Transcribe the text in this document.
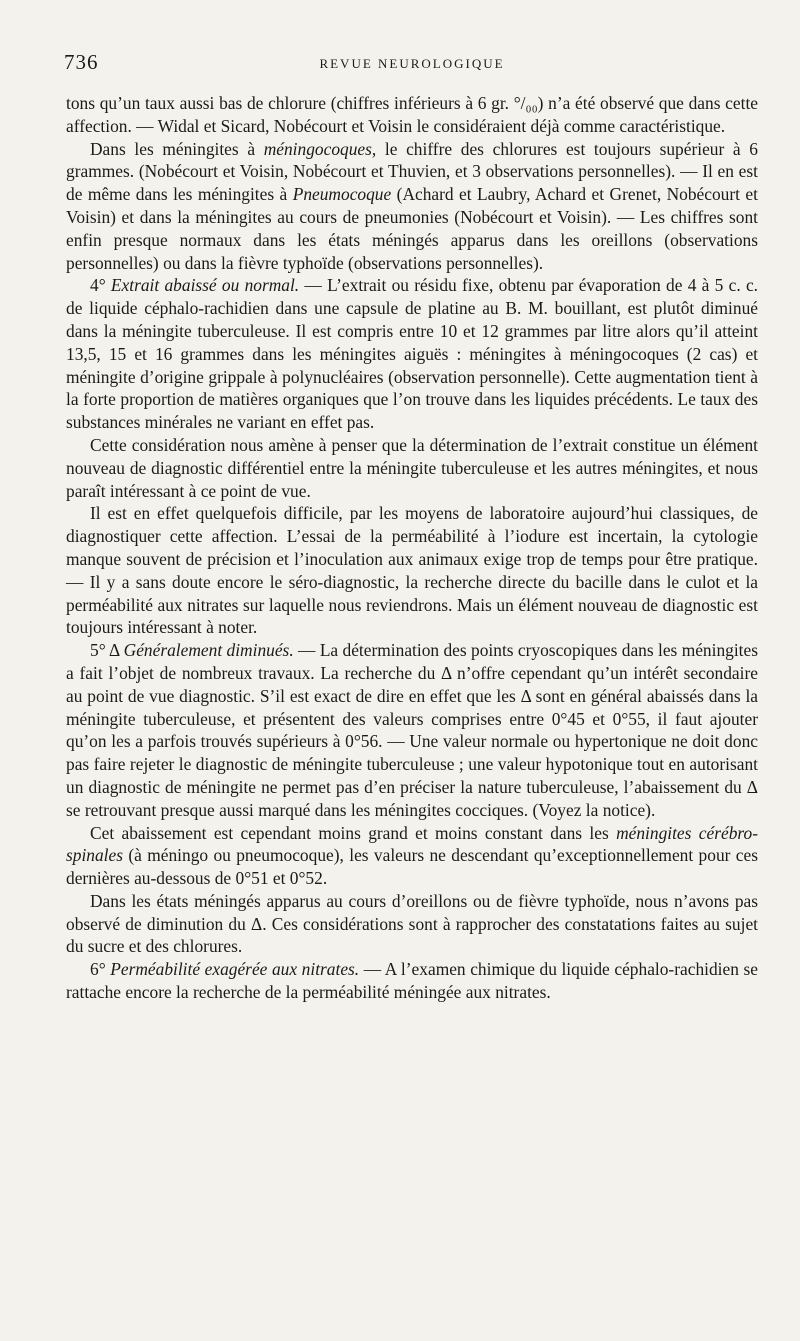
736	REVUE NEUROLOGIQUE

tons qu’un taux aussi bas de chlorure (chiffres inférieurs à 6 gr. °/₀₀) n’a été observé que dans cette affection. — Widal et Sicard, Nobécourt et Voisin le considéraient déjà comme caractéristique.

Dans les méningites à méningocoques, le chiffre des chlorures est toujours supérieur à 6 grammes. (Nobécourt et Voisin, Nobécourt et Thuvien, et 3 observations personnelles). — Il en est de même dans les méningites à Pneumocoque (Achard et Laubry, Achard et Grenet, Nobécourt et Voisin) et dans la méningites au cours de pneumonies (Nobécourt et Voisin). — Les chiffres sont enfin presque normaux dans les états méningés apparus dans les oreillons (observations personnelles) ou dans la fièvre typhoïde (observations personnelles).

4° Extrait abaissé ou normal. — L’extrait ou résidu fixe, obtenu par évaporation de 4 à 5 c. c. de liquide céphalo-rachidien dans une capsule de platine au B. M. bouillant, est plutôt diminué dans la méningite tuberculeuse. Il est compris entre 10 et 12 grammes par litre alors qu’il atteint 13,5, 15 et 16 grammes dans les méningites aiguës : méningites à méningocoques (2 cas) et méningite d’origine grippale à polynucléaires (observation personnelle). Cette augmentation tient à la forte proportion de matières organiques que l’on trouve dans les liquides précédents. Le taux des substances minérales ne variant en effet pas.

Cette considération nous amène à penser que la détermination de l’extrait constitue un élément nouveau de diagnostic différentiel entre la méningite tuberculeuse et les autres méningites, et nous paraît intéressant à ce point de vue.

Il est en effet quelquefois difficile, par les moyens de laboratoire aujourd’hui classiques, de diagnostiquer cette affection. L’essai de la perméabilité à l’iodure est incertain, la cytologie manque souvent de précision et l’inoculation aux animaux exige trop de temps pour être pratique. — Il y a sans doute encore le séro-diagnostic, la recherche directe du bacille dans le culot et la perméabilité aux nitrates sur laquelle nous reviendrons. Mais un élément nouveau de diagnostic est toujours intéressant à noter.

5° Δ Généralement diminués. — La détermination des points cryoscopiques dans les méningites a fait l’objet de nombreux travaux. La recherche du Δ n’offre cependant qu’un intérêt secondaire au point de vue diagnostic. S’il est exact de dire en effet que les Δ sont en général abaissés dans la méningite tuberculeuse, et présentent des valeurs comprises entre 0°45 et 0°55, il faut ajouter qu’on les a parfois trouvés supérieurs à 0°56. — Une valeur normale ou hypertonique ne doit donc pas faire rejeter le diagnostic de méningite tuberculeuse ; une valeur hypotonique tout en autorisant un diagnostic de méningite ne permet pas d’en préciser la nature tuberculeuse, l’abaissement du Δ se retrouvant presque aussi marqué dans les méningites cocciques. (Voyez la notice).

Cet abaissement est cependant moins grand et moins constant dans les méningites cérébro-spinales (à méningo ou pneumocoque), les valeurs ne descendant qu’exceptionnellement pour ces dernières au-dessous de 0°51 et 0°52.

Dans les états méningés apparus au cours d’oreillons ou de fièvre typhoïde, nous n’avons pas observé de diminution du Δ. Ces considérations sont à rapprocher des constatations faites au sujet du sucre et des chlorures.

6° Perméabilité exagérée aux nitrates. — A l’examen chimique du liquide céphalo-rachidien se rattache encore la recherche de la perméabilité méningée aux nitrates.
